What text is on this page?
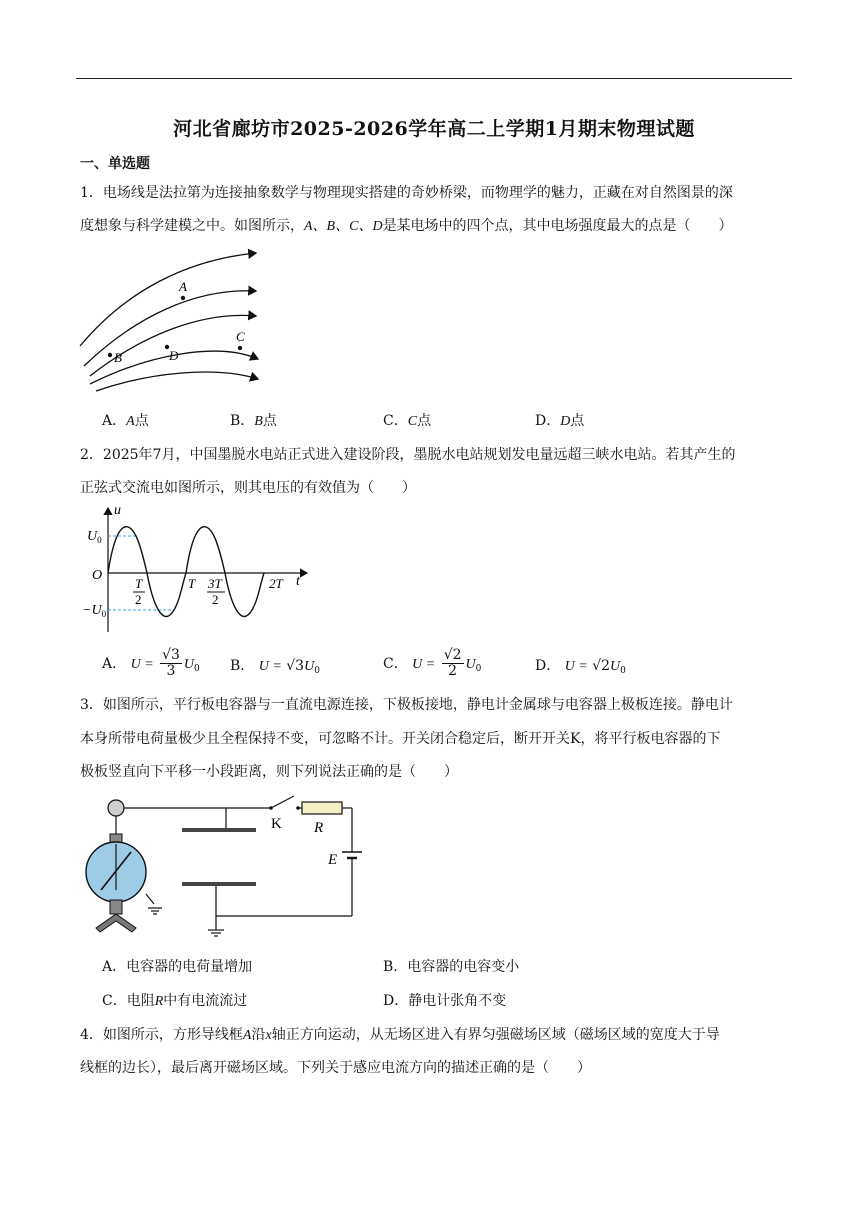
河北省廊坊市2025-2026学年高二上学期1月期末物理试题
一、单选题
1．电场线是法拉第为连接抽象数学与物理现实搭建的奇妙桥梁，而物理学的魅力，正藏在对自然图景的深
度想象与科学建模之中。如图所示，A、B、C、D是某电场中的四个点，其中电场强度最大的点是（　　）
A
B
C
D
A．A点	B．B点	C．C点	D．D点
2．2025年7月，中国墨脱水电站正式进入建设阶段，墨脱水电站规划发电量远超三峡水电站。若其产生的
正弦式交流电如图所示，则其电压的有效值为（　　）
u
t
O
$U_0$
$-U_0$
T
2
T 3T
2
2T
A． $U = \frac{√3}{3} U_0$ B． $U = √3U_0$	C． $U = \frac{√2}{2} U_0$	D． $U = √2U_0$
3．如图所示，平行板电容器与一直流电源连接，下极板接地，静电计金属球与电容器上极板连接。静电计
本身所带电荷量极少且全程保持不变，可忽略不计。开关闭合稳定后，断开开关K，将平行板电容器的下
极板竖直向下平移一小段距离，则下列说法正确的是（　　）
K R
E
A．电容器的电荷量增加	B．电容器的电容变小
C．电阻R中有电流流过	D．静电计张角不变
4．如图所示，方形导线框A沿x轴正方向运动，从无场区进入有界匀强磁场区域（磁场区域的宽度大于导
线框的边长），最后离开磁场区域。下列关于感应电流方向的描述正确的是（　　）
